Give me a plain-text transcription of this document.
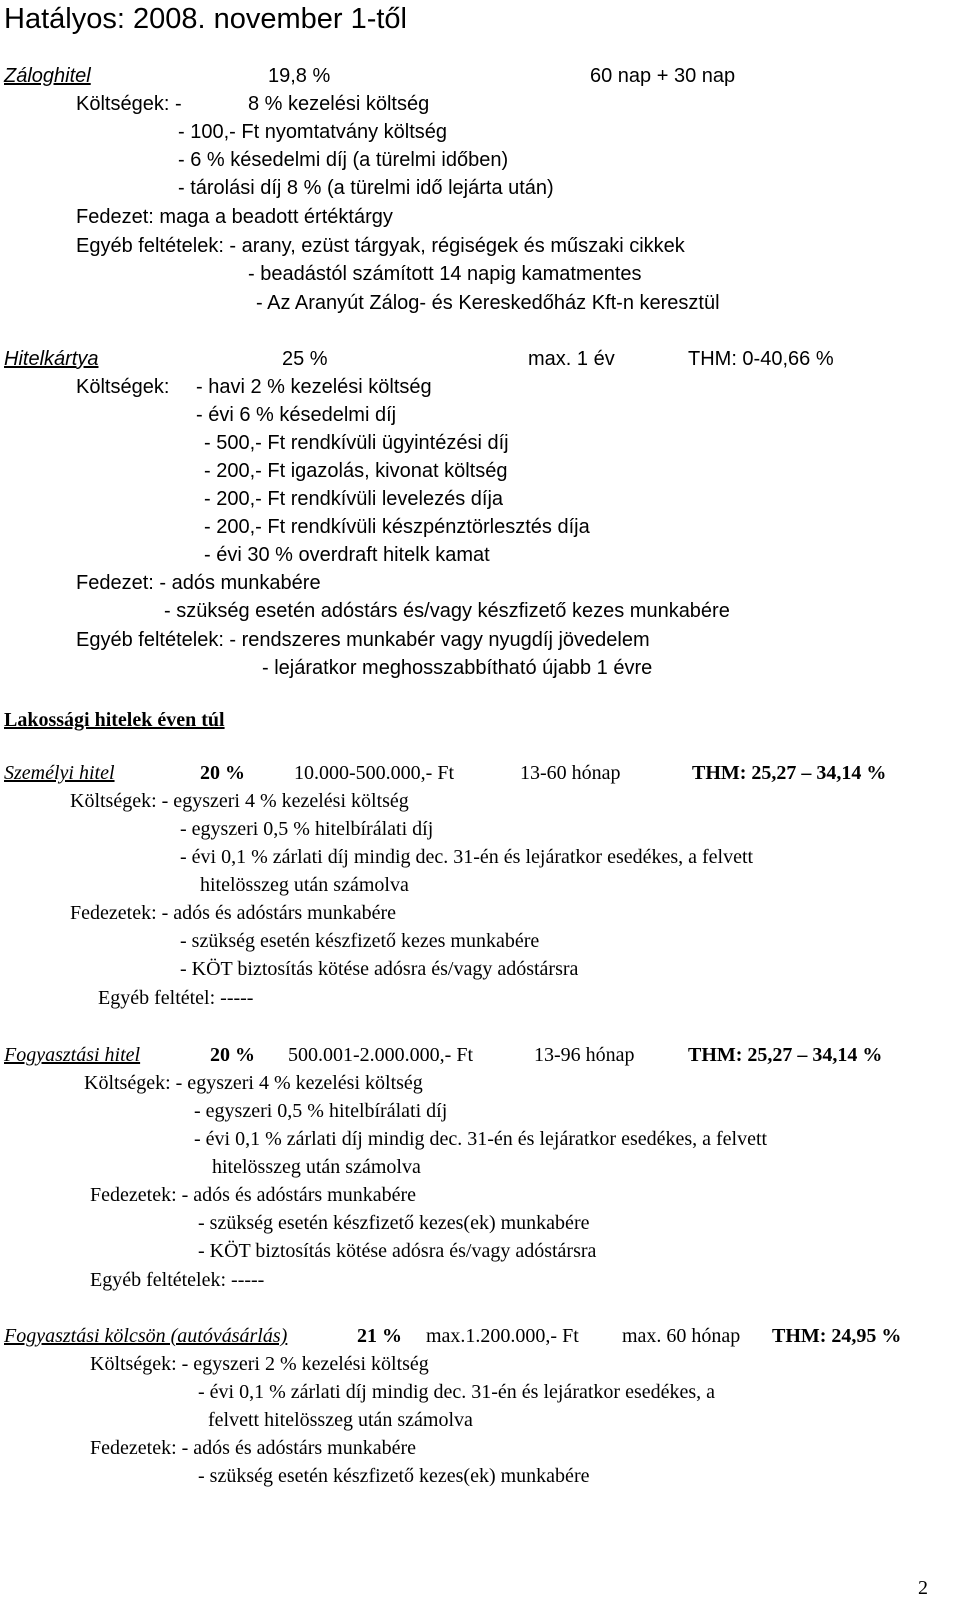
Hatályos: 2008. november 1-től
Záloghitel	19,8 %	60 nap + 30 nap
Költségek: -	8 % kezelési költség
- 100,- Ft nyomtatvány költség
- 6 % késedelmi díj (a türelmi időben)
- tárolási díj 8 % (a türelmi idő lejárta után)
Fedezet: maga a beadott értéktárgy
Egyéb feltételek: - arany, ezüst tárgyak, régiségek és műszaki cikkek
- beadástól számított 14 napig kamatmentes
- Az Aranyút Zálog- és Kereskedőház Kft-n keresztül
Hitelkártya	25 %	max. 1 év	THM: 0-40,66 %
Költségek: - havi 2 % kezelési költség
- évi 6 % késedelmi díj
- 500,- Ft rendkívüli ügyintézési díj
- 200,- Ft igazolás, kivonat költség
- 200,- Ft rendkívüli levelezés díja
- 200,- Ft rendkívüli készpénztörlesztés díja
- évi 30 % overdraft hitelk kamat
Fedezet: - adós munkabére
- szükség esetén adóstárs és/vagy készfizető kezes munkabére
Egyéb feltételek: - rendszeres munkabér vagy nyugdíj jövedelem
- lejáratkor meghosszabbítható újabb 1 évre
Lakossági hitelek éven túl
Személyi hitel	20 % 10.000-500.000,- Ft	13-60 hónap	THM: 25,27 – 34,14 %
Költségek: - egyszeri 4 % kezelési költség
- egyszeri 0,5 % hitelbírálati díj
- évi 0,1 % zárlati díj mindig dec. 31-én és lejáratkor esedékes, a felvett
hitelösszeg után számolva
Fedezetek: - adós és adóstárs munkabére
- szükség esetén készfizető kezes munkabére
- KÖT biztosítás kötése adósra és/vagy adóstársra
Egyéb feltétel: -----
Fogyasztási hitel	20 % 500.001-2.000.000,- Ft	13-96 hónap	THM: 25,27 – 34,14 %
Költségek: - egyszeri 4 % kezelési költség
- egyszeri 0,5 % hitelbírálati díj
- évi 0,1 % zárlati díj mindig dec. 31-én és lejáratkor esedékes, a felvett
hitelösszeg után számolva
Fedezetek: - adós és adóstárs munkabére
- szükség esetén készfizető kezes(ek) munkabére
- KÖT biztosítás kötése adósra és/vagy adóstársra
Egyéb feltételek: -----
Fogyasztási kölcsön (autóvásárlás)	21 % max.1.200.000,- Ft max. 60 hónap THM: 24,95 %
Költségek: - egyszeri 2 % kezelési költség
- évi 0,1 % zárlati díj mindig dec. 31-én és lejáratkor esedékes, a
felvett hitelösszeg után számolva
Fedezetek: - adós és adóstárs munkabére
- szükség esetén készfizető kezes(ek) munkabére
2
